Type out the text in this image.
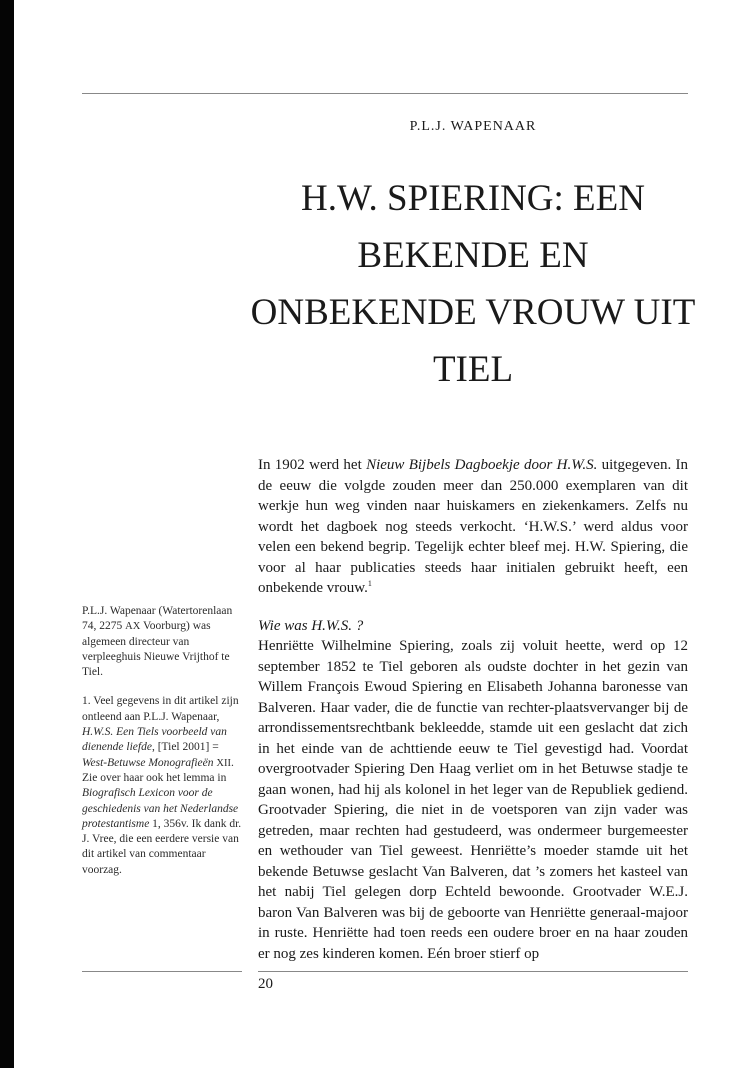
P.L.J. WAPENAAR
H.W. SPIERING: EEN BEKENDE EN ONBEKENDE VROUW UIT TIEL

In 1902 werd het Nieuw Bijbels Dagboekje door H.W.S. uitgegeven. In de eeuw die volgde zouden meer dan 250.000 exemplaren van dit werkje hun weg vinden naar huiskamers en ziekenkamers. Zelfs nu wordt het dagboek nog steeds verkocht. ‘H.W.S.’ werd aldus voor velen een bekend begrip. Tegelijk echter bleef mej. H.W. Spiering, die voor al haar publicaties steeds haar initialen gebruikt heeft, een onbekende vrouw.$^1$

Wie was H.W.S. ?

Henriëtte Wilhelmine Spiering, zoals zij voluit heette, werd op 12 september 1852 te Tiel geboren als oudste dochter in het gezin van Willem François Ewoud Spiering en Elisabeth Johanna baronesse van Balveren. Haar vader, die de functie van rechter-plaatsvervanger bij de arrondissementsrechtbank bekleedde, stamde uit een geslacht dat zich in het einde van de achttiende eeuw te Tiel gevestigd had. Voordat overgrootvader Spiering Den Haag verliet om in het Betuwse stadje te gaan wonen, had hij als kolonel in het leger van de Republiek gediend. Grootvader Spiering, die niet in de voetsporen van zijn vader was getreden, maar rechten had gestudeerd, was ondermeer burgemeester en wethouder van Tiel geweest. Henriëtte’s moeder stamde uit het bekende Betuwse geslacht Van Balveren, dat ’s zomers het kasteel van het nabij Tiel gelegen dorp Echteld bewoonde. Grootvader W.E.J. baron Van Balveren was bij de geboorte van Henriëtte generaal-majoor in ruste. Henriëtte had toen reeds een oudere broer en na haar zouden er nog zes kinderen komen. Eén broer stierf op

P.L.J. Wapenaar (Watertorenlaan 74, 2275 AX Voorburg) was algemeen directeur van verpleeghuis Nieuwe Vrijthof te Tiel.

1. Veel gegevens in dit artikel zijn ontleend aan P.L.J. Wapenaar, H.W.S. Een Tiels voorbeeld van dienende liefde, [Tiel 2001] = West-Betuwse Monografieën XII. Zie over haar ook het lemma in Biografisch Lexicon voor de geschiedenis van het Nederlandse protestantisme 1, 356v. Ik dank dr. J. Vree, die een eerdere versie van dit artikel van commentaar voorzag.

20
